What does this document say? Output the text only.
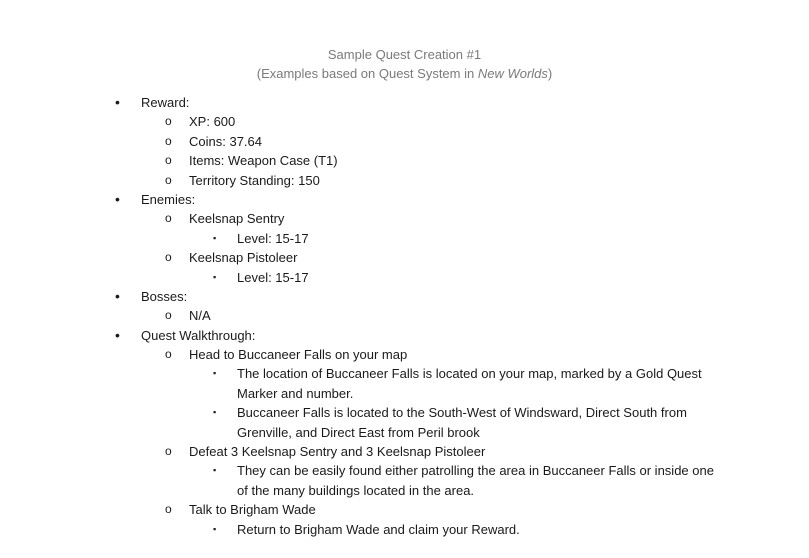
Sample Quest Creation #1
(Examples based on Quest System in New Worlds)
• Reward:
o XP: 600
o Coins: 37.64
o Items: Weapon Case (T1)
o Territory Standing: 150
• Enemies:
o Keelsnap Sentry
▪ Level: 15-17
o Keelsnap Pistoleer
▪ Level: 15-17
• Bosses:
o N/A
• Quest Walkthrough:
o Head to Buccaneer Falls on your map
▪ The location of Buccaneer Falls is located on your map, marked by a Gold Quest Marker and number.
▪ Buccaneer Falls is located to the South-West of Windsward, Direct South from Grenville, and Direct East from Peril brook
o Defeat 3 Keelsnap Sentry and 3 Keelsnap Pistoleer
▪ They can be easily found either patrolling the area in Buccaneer Falls or inside one of the many buildings located in the area.
o Talk to Brigham Wade
▪ Return to Brigham Wade and claim your Reward.
